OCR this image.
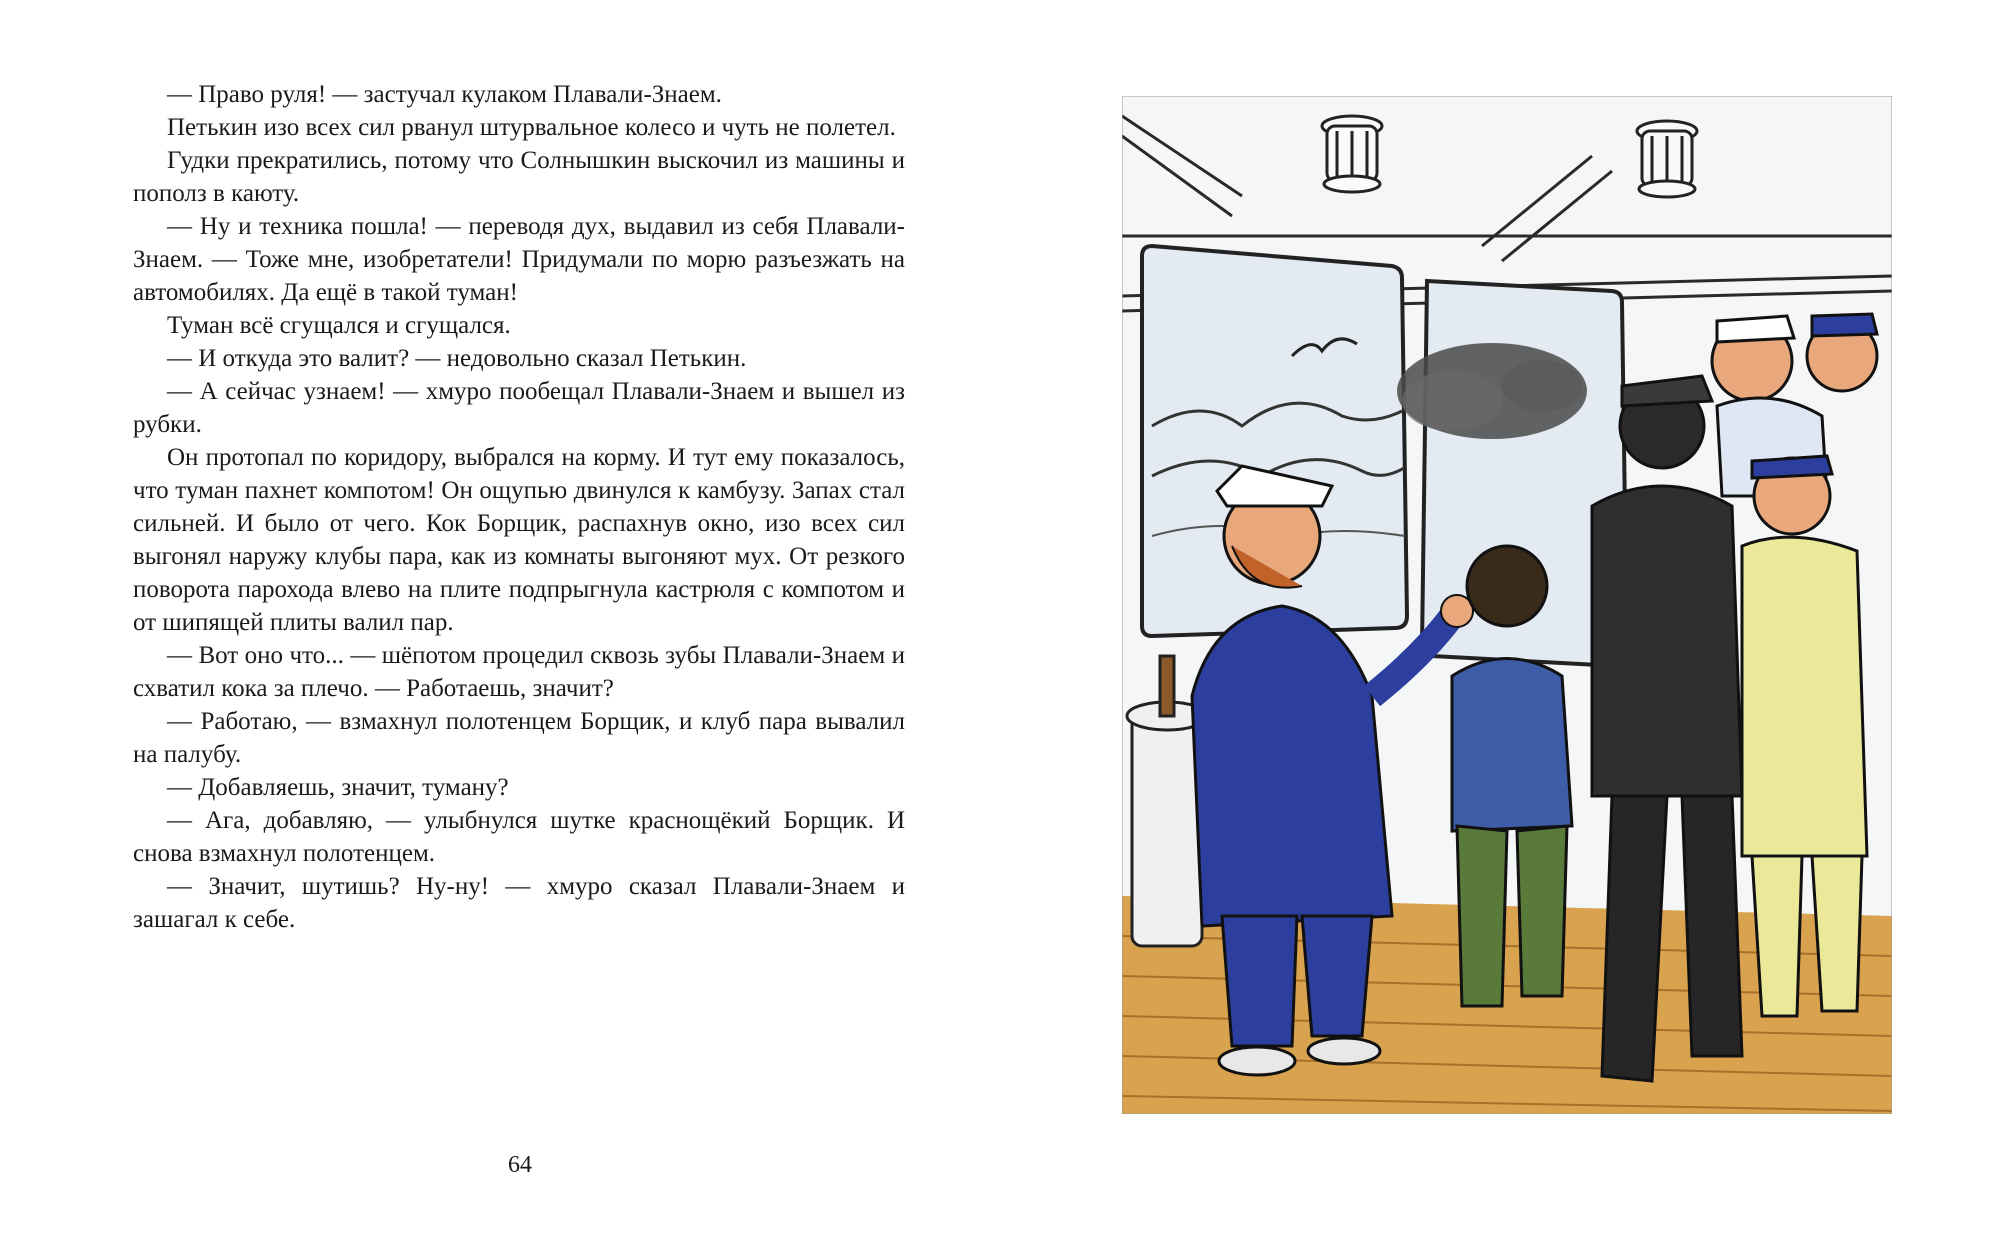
— Право руля! — застучал кулаком Плавали-Знаем.

Петькин изо всех сил рванул штурвальное колесо и чуть не полетел.

Гудки прекратились, потому что Солнышкин выскочил из машины и пополз в каюту.

— Ну и техника пошла! — переводя дух, выдавил из себя Плавали-Знаем. — Тоже мне, изобретатели! Придумали по морю разъезжать на автомобилях. Да ещё в такой туман!

Туман всё сгущался и сгущался.

— И откуда это валит? — недовольно сказал Петькин.

— А сейчас узнаем! — хмуро пообещал Плавали-Знаем и вышел из рубки.

Он протопал по коридору, выбрался на корму. И тут ему показалось, что туман пахнет компотом! Он ощупью двинулся к камбузу. Запах стал сильней. И было от чего. Кок Борщик, распахнув окно, изо всех сил выгонял наружу клубы пара, как из комнаты выгоняют мух. От резкого поворота парохода влево на плите подпрыгнула кастрюля с компотом и от шипящей плиты валил пар.

— Вот оно что... — шёпотом процедил сквозь зубы Плавали-Знаем и схватил кока за плечо. — Работаешь, значит?

— Работаю, — взмахнул полотенцем Борщик, и клуб пара вывалил на палубу.

— Добавляешь, значит, туману?

— Ага, добавляю, — улыбнулся шутке краснощёкий Борщик. И снова взмахнул полотенцем.

— Значит, шутишь? Ну-ну! — хмуро сказал Плавали-Знаем и зашагал к себе.

64
